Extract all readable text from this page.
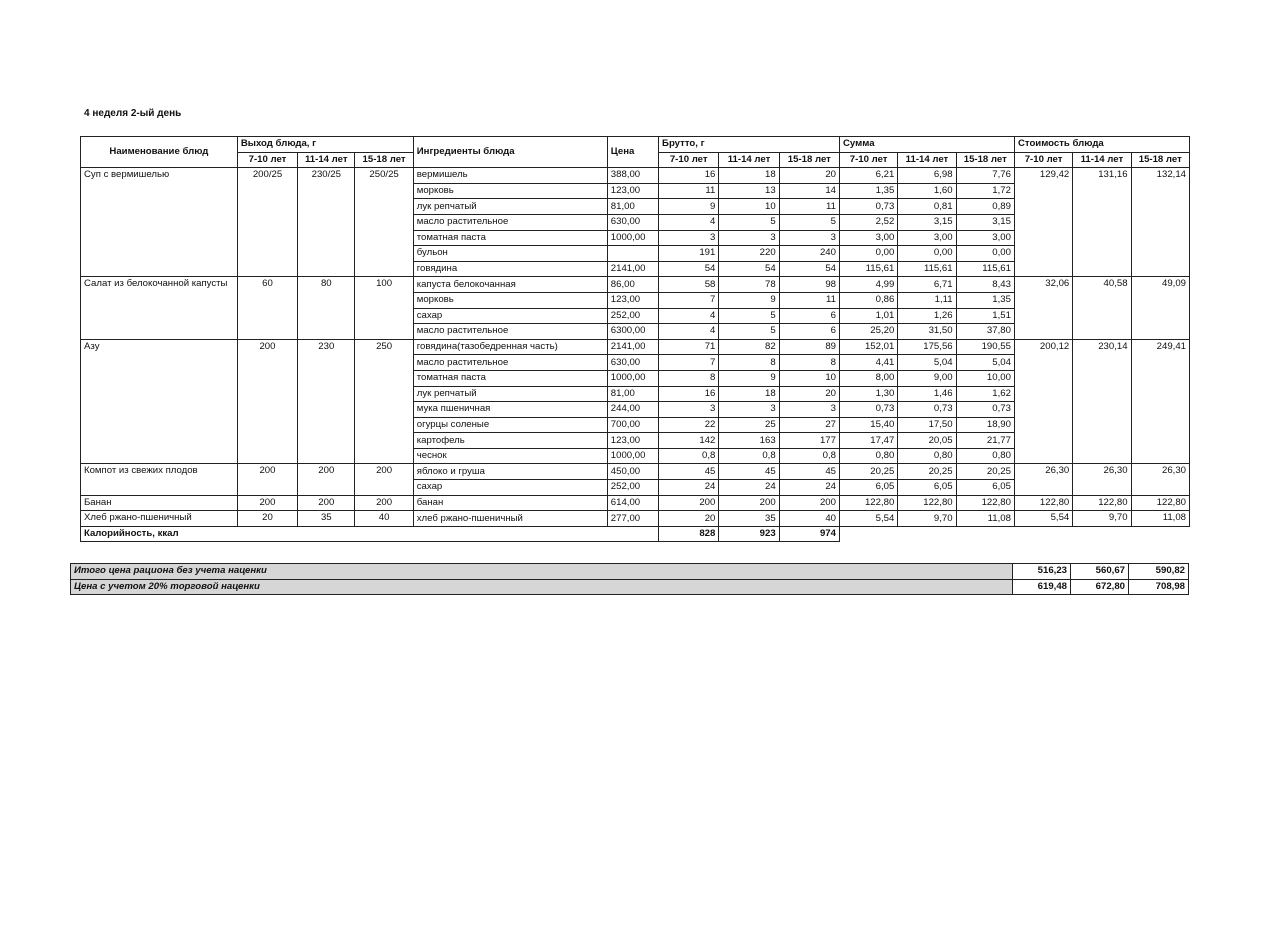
4 неделя 2-ый день
Наименование блюд	Выход блюда, г			Ингредиенты блюда	Цена	Брутто, г			Сумма			Стоимость блюда		
	7-10 лет	11-14 лет	15-18 лет			7-10 лет	11-14 лет	15-18 лет	7-10 лет	11-14 лет	15-18 лет	7-10 лет	11-14 лет	15-18 лет
Суп с вермишелью	200/25	230/25	250/25	вермишель	388,00	16	18	20	6,21	6,98	7,76	129,42	131,16	132,14
				морковь	123,00	11	13	14	1,35	1,60	1,72			
				лук репчатый	81,00	9	10	11	0,73	0,81	0,89			
				масло растительное	630,00	4	5	5	2,52	3,15	3,15			
				томатная паста	1000,00	3	3	3	3,00	3,00	3,00			
				бульон		191	220	240	0,00	0,00	0,00			
				говядина	2141,00	54	54	54	115,61	115,61	115,61			
Салат из белокочанной капусты	60	80	100	капуста белокочанная	86,00	58	78	98	4,99	6,71	8,43	32,06	40,58	49,09
				морковь	123,00	7	9	11	0,86	1,11	1,35			
				сахар	252,00	4	5	6	1,01	1,26	1,51			
				масло растительное	6300,00	4	5	6	25,20	31,50	37,80			
Азу	200	230	250	говядина(тазобедренная часть)	2141,00	71	82	89	152,01	175,56	190,55	200,12	230,14	249,41
				масло растительное	630,00	7	8	8	4,41	5,04	5,04			
				томатная паста	1000,00	8	9	10	8,00	9,00	10,00			
				лук репчатый	81,00	16	18	20	1,30	1,46	1,62			
				мука пшеничная	244,00	3	3	3	0,73	0,73	0,73			
				огурцы соленые	700,00	22	25	27	15,40	17,50	18,90			
				картофель	123,00	142	163	177	17,47	20,05	21,77			
				чеснок	1000,00	0,8	0,8	0,8	0,80	0,80	0,80			
Компот из свежих плодов	200	200	200	яблоко и груша	450,00	45	45	45	20,25	20,25	20,25	26,30	26,30	26,30
				сахар	252,00	24	24	24	6,05	6,05	6,05			
Банан	200	200	200	банан	614,00	200	200	200	122,80	122,80	122,80	122,80	122,80	122,80
Хлеб ржано-пшеничный	20	35	40	хлеб ржано-пшеничный	277,00	20	35	40	5,54	9,70	11,08	5,54	9,70	11,08
Калорийность, ккал						828	923	974						
Итого цена рациона без учета наценки	516,23	560,67	590,82
Цена с учетом 20% торговой наценки	619,48	672,80	708,98
